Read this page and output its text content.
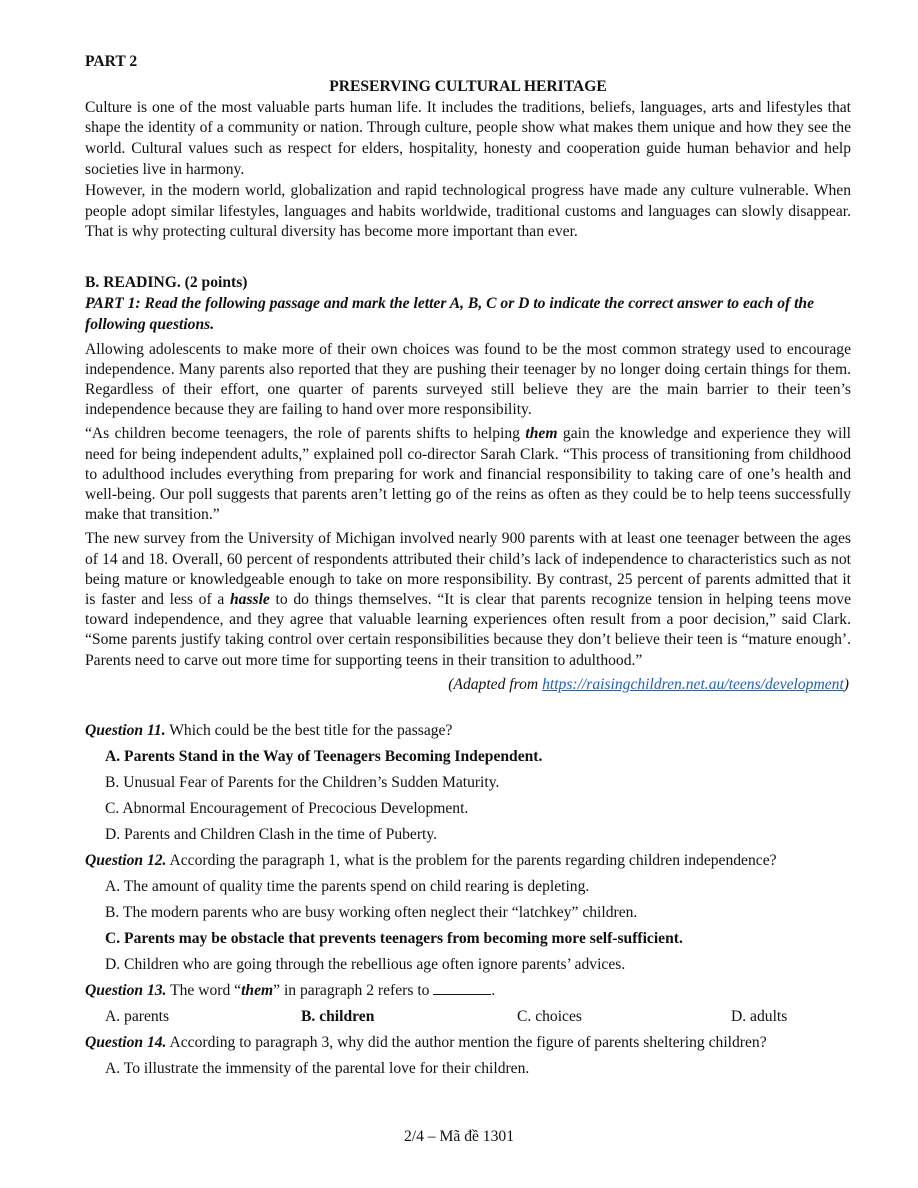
PART 2

PRESERVING CULTURAL HERITAGE

Culture is one of the most valuable parts human life. It includes the traditions, beliefs, languages, arts and lifestyles that shape the identity of a community or nation. Through culture, people show what makes them unique and how they see the world. Cultural values such as respect for elders, hospitality, honesty and cooperation guide human behavior and help societies live in harmony.

However, in the modern world, globalization and rapid technological progress have made any culture vulnerable. When people adopt similar lifestyles, languages and habits worldwide, traditional customs and languages can slowly disappear. That is why protecting cultural diversity has become more important than ever.

B. READING. (2 points)

PART 1: Read the following passage and mark the letter A, B, C or D to indicate the correct answer to each of the following questions.

Allowing adolescents to make more of their own choices was found to be the most common strategy used to encourage independence. Many parents also reported that they are pushing their teenager by no longer doing certain things for them. Regardless of their effort, one quarter of parents surveyed still believe they are the main barrier to their teen’s independence because they are failing to hand over more responsibility.

“As children become teenagers, the role of parents shifts to helping them gain the knowledge and experience they will need for being independent adults,” explained poll co-director Sarah Clark. “This process of transitioning from childhood to adulthood includes everything from preparing for work and financial responsibility to taking care of one’s health and well-being. Our poll suggests that parents aren’t letting go of the reins as often as they could be to help teens successfully make that transition.”

The new survey from the University of Michigan involved nearly 900 parents with at least one teenager between the ages of 14 and 18. Overall, 60 percent of respondents attributed their child’s lack of independence to characteristics such as not being mature or knowledgeable enough to take on more responsibility. By contrast, 25 percent of parents admitted that it is faster and less of a hassle to do things themselves. “It is clear that parents recognize tension in helping teens move toward independence, and they agree that valuable learning experiences often result from a poor decision,” said Clark. “Some parents justify taking control over certain responsibilities because they don’t believe their teen is “mature enough’. Parents need to carve out more time for supporting teens in their transition to adulthood.”

(Adapted from https://raisingchildren.net.au/teens/development)

Question 11. Which could be the best title for the passage?

A. Parents Stand in the Way of Teenagers Becoming Independent.

B. Unusual Fear of Parents for the Children’s Sudden Maturity.

C. Abnormal Encouragement of Precocious Development.

D. Parents and Children Clash in the time of Puberty.

Question 12. According the paragraph 1, what is the problem for the parents regarding children independence?

A. The amount of quality time the parents spend on child rearing is depleting.

B. The modern parents who are busy working often neglect their “latchkey” children.

C. Parents may be obstacle that prevents teenagers from becoming more self-sufficient.

D. Children who are going through the rebellious age often ignore parents’ advices.

Question 13. The word “them” in paragraph 2 refers to	.

A. parents	B. children	C. choices	D. adults

Question 14. According to paragraph 3, why did the author mention the figure of parents sheltering children?

A. To illustrate the immensity of the parental love for their children.

2/4 – Mã đề 1301
